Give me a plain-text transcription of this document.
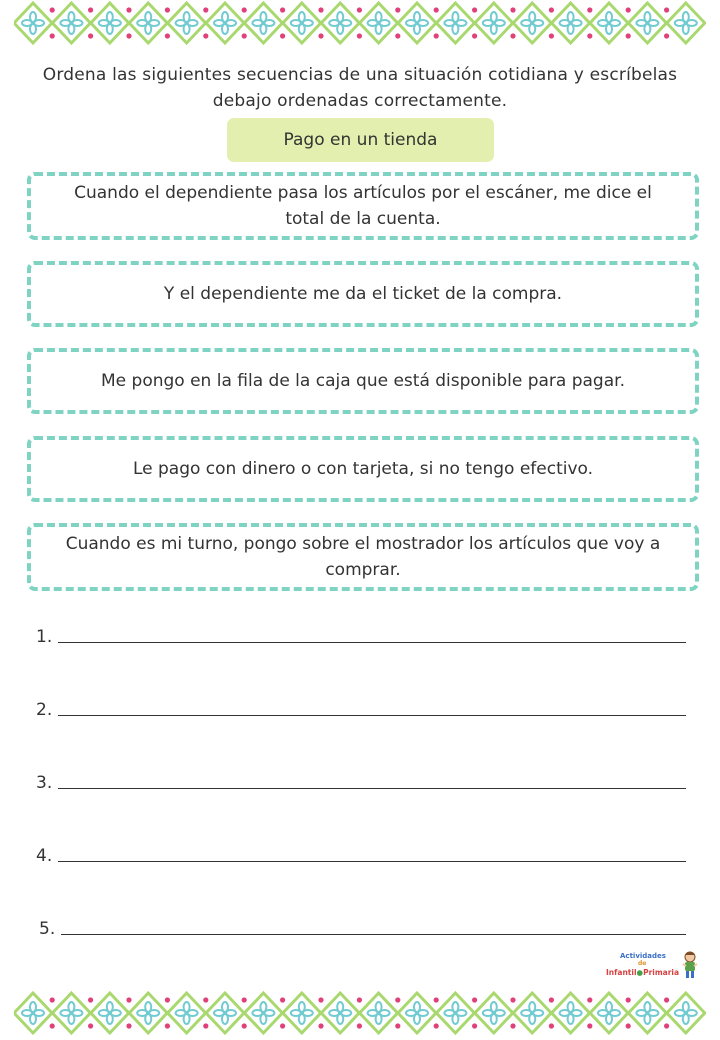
Ordena las siguientes secuencias de una situación cotidiana y escríbelas debajo ordenadas correctamente.
Pago en un tienda
Cuando el dependiente pasa los artículos por el escáner, me dice el total de la cuenta.
Y el dependiente me da el ticket de la compra.
Me pongo en la fila de la caja que está disponible para pagar.
Le pago con dinero o con tarjeta, si no tengo efectivo.
Cuando es mi turno, pongo sobre el mostrador los artículos que voy a comprar.
1.
2.
3.
4.
5.
Actividades
de
Infantil●Primaria
